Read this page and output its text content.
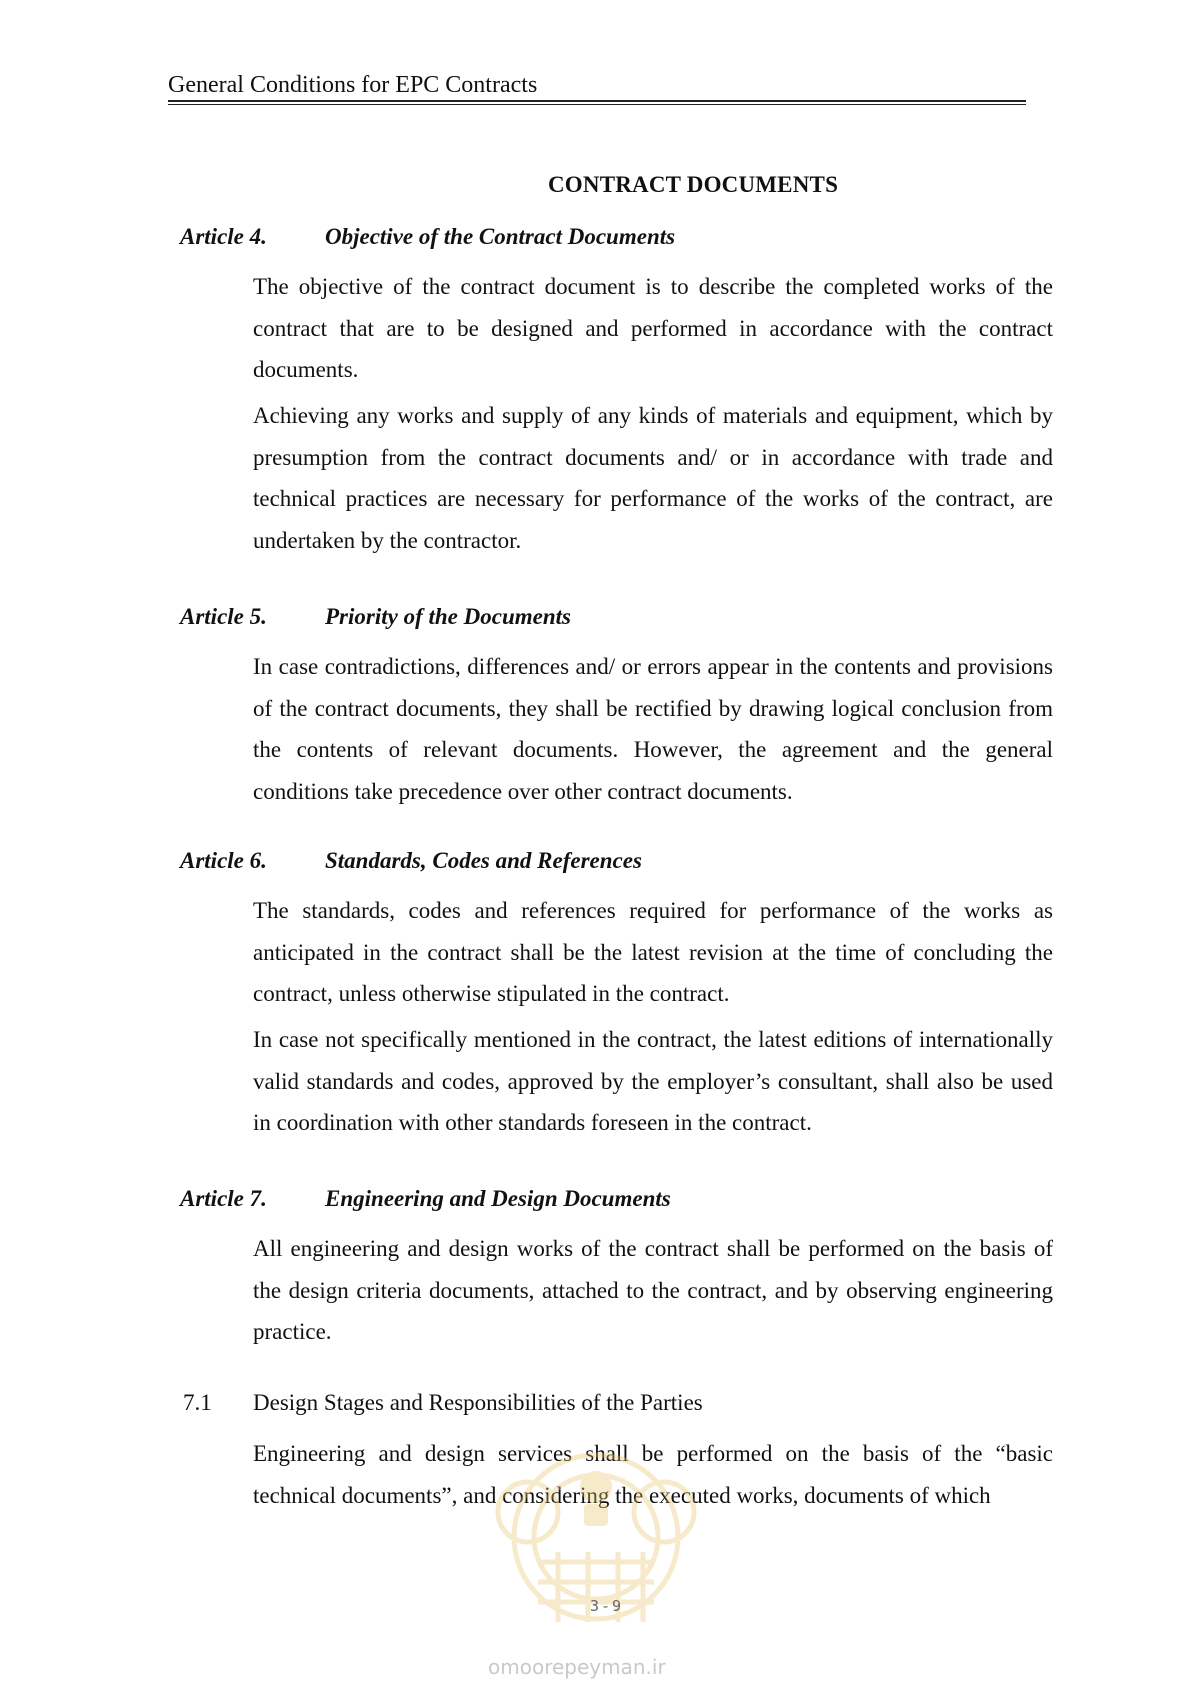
General Conditions for EPC Contracts
CONTRACT DOCUMENTS
Article 4.	Objective of the Contract Documents
The objective of the contract document is to describe the completed works of the contract that are to be designed and performed in accordance with the contract documents.
Achieving any works and supply of any kinds of materials and equipment, which by presumption from the contract documents and/ or in accordance with trade and technical practices are necessary for performance of the works of the contract, are undertaken by the contractor.
Article 5.	Priority of the Documents
In case contradictions, differences and/ or errors appear in the contents and provisions of the contract documents, they shall be rectified by drawing logical conclusion from the contents of relevant documents. However, the agreement and the general conditions take precedence over other contract documents.
Article 6.	Standards, Codes and References
The standards, codes and references required for performance of the works as anticipated in the contract shall be the latest revision at the time of concluding the contract, unless otherwise stipulated in the contract.
In case not specifically mentioned in the contract, the latest editions of internationally valid standards and codes, approved by the employer’s consultant, shall also be used in coordination with other standards foreseen in the contract.
Article 7.	Engineering and Design Documents
All engineering and design works of the contract shall be performed on the basis of the design criteria documents, attached to the contract, and by observing engineering practice.
7.1 Design Stages and Responsibilities of the Parties
Engineering and design services shall be performed on the basis of the “basic technical documents”, and considering the executed works, documents of which
3-9
omoorepeyman.ir
